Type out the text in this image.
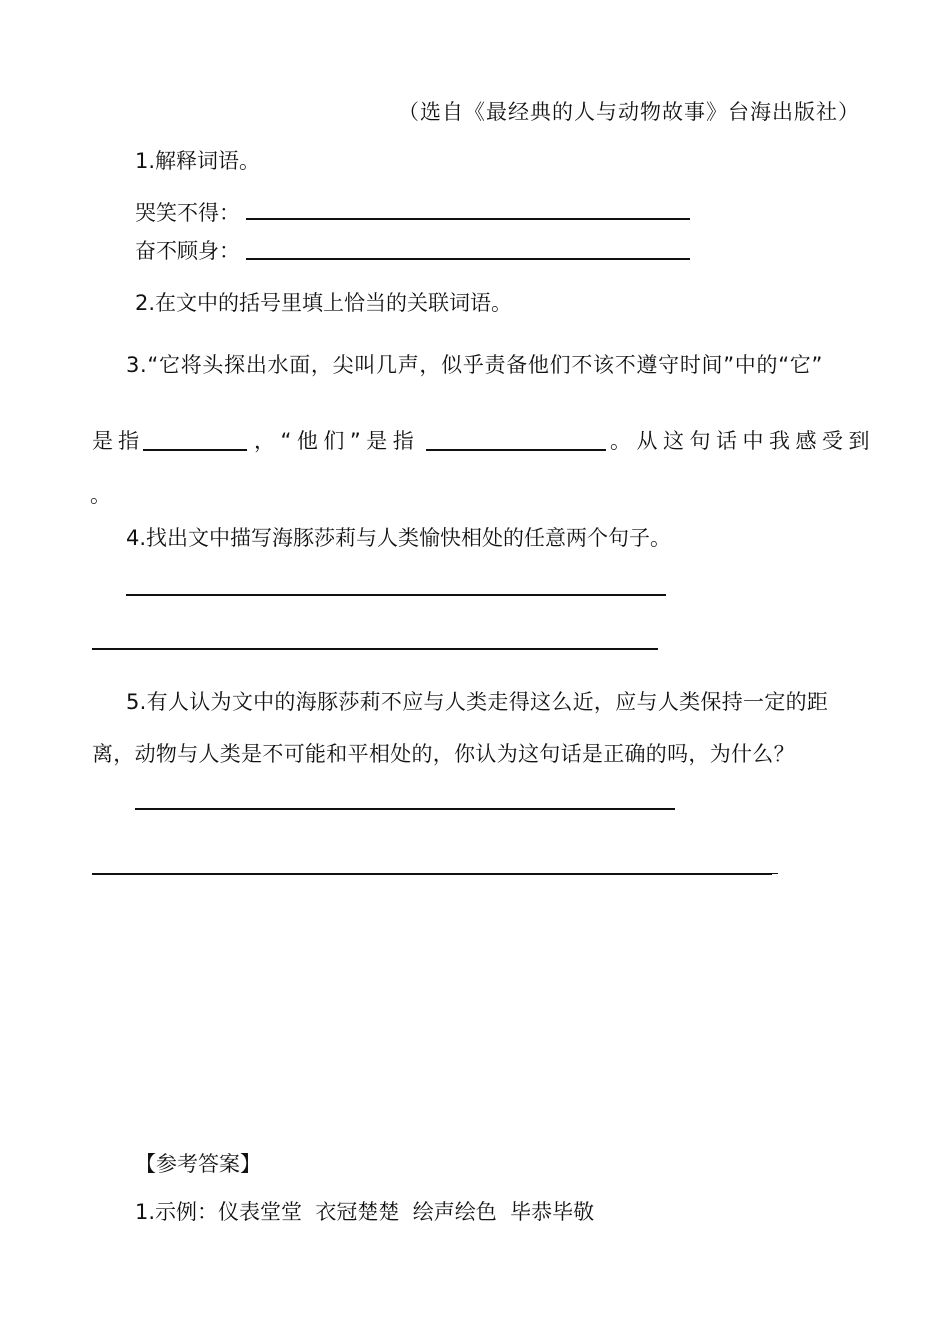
（选自《最经典的人与动物故事》台海出版社）
1.解释词语。
哭笑不得：
奋不顾身：
2.在文中的括号里填上恰当的关联词语。
3.“它将头探出水面，尖叫几声，似乎责备他们不该不遵守时间”中的“它”
是指	，“他们”是指	。从这句话中我感受到
。
4.找出文中描写海豚莎莉与人类愉快相处的任意两个句子。
5.有人认为文中的海豚莎莉不应与人类走得这么近，应与人类保持一定的距
离，动物与人类是不可能和平相处的，你认为这句话是正确的吗，为什么？
【参考答案】
1.示例：仪表堂堂  衣冠楚楚  绘声绘色  毕恭毕敬
